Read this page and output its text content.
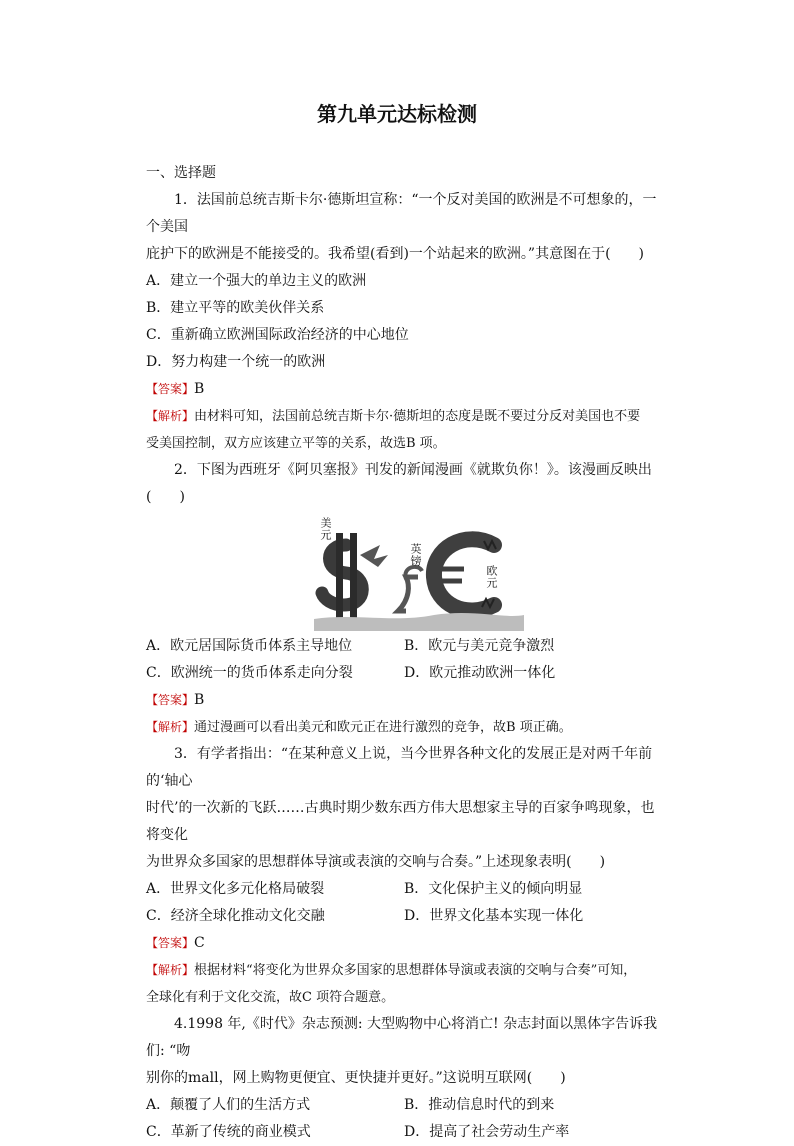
第九单元达标检测

一、选择题

1．法国前总统吉斯卡尔·德斯坦宣称：“一个反对美国的欧洲是不可想象的，一个美国

庇护下的欧洲是不能接受的。我希望(看到)一个站起来的欧洲。”其意图在于(　　)

A．建立一个强大的单边主义的欧洲

B．建立平等的欧美伙伴关系

C．重新确立欧洲国际政治经济的中心地位

D．努力构建一个统一的欧洲

【答案】B

【解析】由材料可知，法国前总统吉斯卡尔·德斯坦的态度是既不要过分反对美国也不要

受美国控制，双方应该建立平等的关系，故选B 项。

2．下图为西班牙《阿贝塞报》刊发的新闻漫画《就欺负你！》。该漫画反映出(　　)

美元
英镑
欧元

A．欧元居国际货币体系主导地位	B．欧元与美元竞争激烈

C．欧洲统一的货币体系走向分裂	D．欧元推动欧洲一体化

【答案】B

【解析】通过漫画可以看出美元和欧元正在进行激烈的竞争，故B 项正确。

3．有学者指出：“在某种意义上说，当今世界各种文化的发展正是对两千年前的‘轴心

时代’的一次新的飞跃……古典时期少数东西方伟大思想家主导的百家争鸣现象，也将变化

为世界众多国家的思想群体导演或表演的交响与合奏。”上述现象表明(　　)

A．世界文化多元化格局破裂	B．文化保护主义的倾向明显

C．经济全球化推动文化交融	D．世界文化基本实现一体化

【答案】C

【解析】根据材料“将变化为世界众多国家的思想群体导演或表演的交响与合奏”可知，

全球化有利于文化交流，故C 项符合题意。

4.1998 年,《时代》杂志预测: 大型购物中心将消亡! 杂志封面以黑体字告诉我们: “吻

别你的mall，网上购物更便宜、更快捷并更好。”这说明互联网(　　)

A．颠覆了人们的生活方式	B．推动信息时代的到来

C．革新了传统的商业模式	D．提高了社会劳动生产率
